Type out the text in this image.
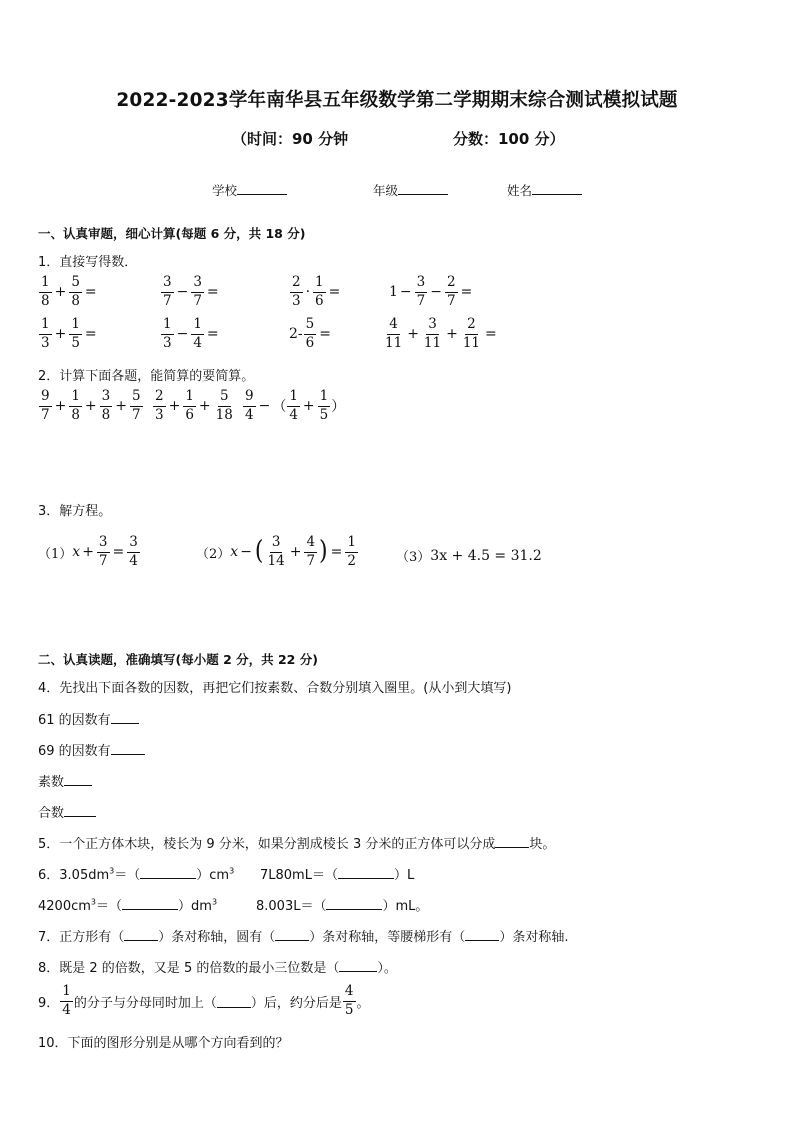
2022-2023学年南华县五年级数学第二学期期末综合测试模拟试题
（时间：90 分钟	分数：100 分）
学校	年级	姓名
一、认真审题，细心计算(每题 6 分，共 18 分)
1．直接写得数．
$\frac{1}{8} + \frac{5}{8}$ =	$\frac{3}{7} - \frac{3}{7}$ =	$\frac{2}{3} \cdot \frac{1}{6}$ =	$1 - \frac{3}{7} - \frac{2}{7}$ =
$\frac{1}{3} + \frac{1}{5}$ =	$\frac{1}{3} - \frac{1}{4}$ =	$2 - \frac{5}{6}$ =	$\frac{4}{11} + \frac{3}{11} + \frac{2}{11}$ =
2．计算下面各题，能简算的要简算。
$\frac{9}{7} + \frac{1}{8} + \frac{3}{8} + \frac{5}{7} \frac{2}{3} + \frac{1}{6} + \frac{5}{18} \frac{9}{4}$ − （ $\frac{1}{4} + \frac{1}{5}$ ）
3．解方程。
（1） $x + \frac{3}{7} = \frac{3}{4}$	（2） x − ( $\frac{3}{14} + \frac{4}{7}$ ) = $\frac{1}{2}$	（3） 3x + 4.5 = 31.2
二、认真读题，准确填写(每小题 2 分，共 22 分)
4．先找出下面各数的因数，再把它们按素数、合数分别填入圈里。(从小到大填写)
61 的因数有
69 的因数有
素数
合数
5．一个正方体木块，棱长为 9 分米，如果分割成棱长 3 分米的正方体可以分成	块。
6．$3.05dm^3=$（	）$cm^3$ 7L80mL＝（	）L
$4200cm^3=$（	）$dm^3$	8.003L＝（	）mL。
7．正方形有（	）条对称轴，圆有（	）条对称轴，等腰梯形有（	）条对称轴.
8．既是 2 的倍数，又是 5 的倍数的最小三位数是（	）。
9． $\frac{1}{4}$ 的分子与分母同时加上（	）后，约分后是 $\frac{4}{5}$ 。
10．下面的图形分别是从哪个方向看到的？
